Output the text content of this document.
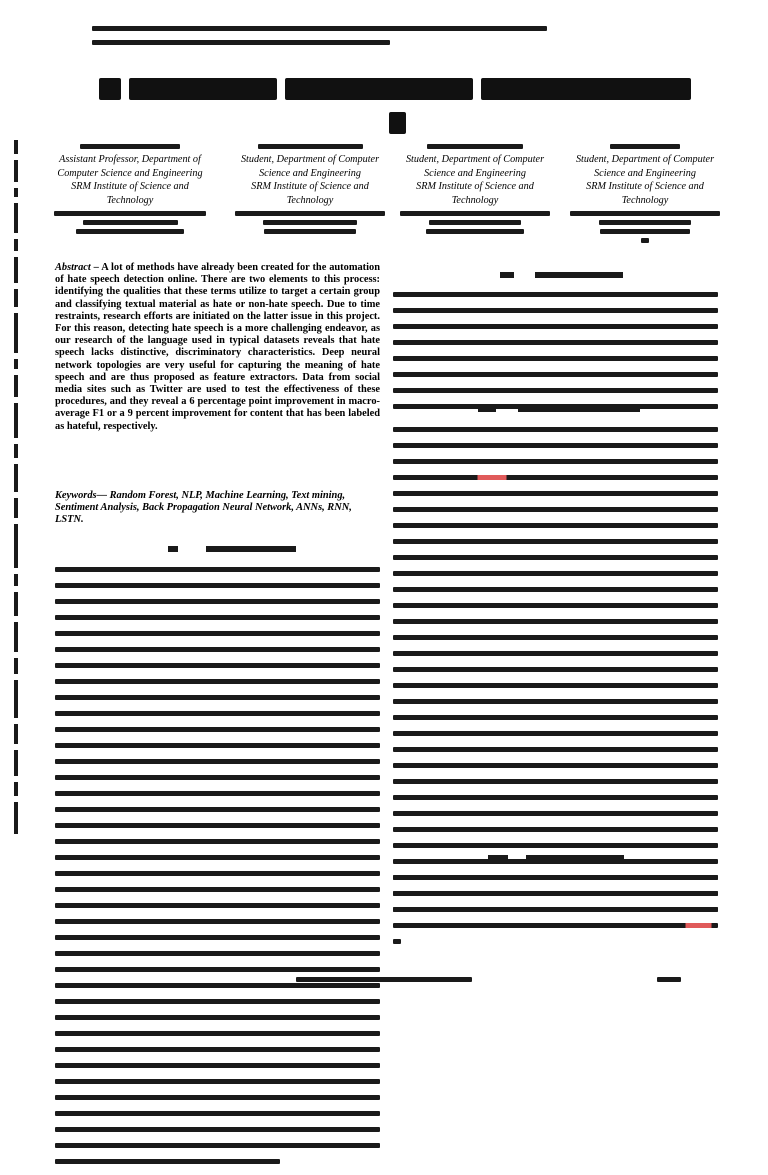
Assistant Professor, Department of
Computer Science and Engineering
SRM Institute of Science and
Technology
Student, Department of Computer
Science and Engineering
SRM Institute of Science and
Technology
Student, Department of Computer
Science and Engineering
SRM Institute of Science and
Technology
Student, Department of Computer
Science and Engineering
SRM Institute of Science and
Technology
Abstract – A lot of methods have already been created for the automation of hate speech detection online. There are two elements to this process: identifying the qualities that these terms utilize to target a certain group and classifying textual material as hate or non-hate speech. Due to time restraints, research efforts are initiated on the latter issue in this project. For this reason, detecting hate speech is a more challenging endeavor, as our research of the language used in typical datasets reveals that hate speech lacks distinctive, discriminatory characteristics. Deep neural network topologies are very useful for capturing the meaning of hate speech and are thus proposed as feature extractors. Data from social media sites such as Twitter are used to test the effectiveness of these procedures, and they reveal a 6 percentage point improvement in macro-average F1 or a 9 percent improvement for content that has been labeled as hateful, respectively.
Keywords— Random Forest, NLP, Machine Learning, Text mining, Sentiment Analysis, Back Propagation Neural Network, ANNs, RNN, LSTN.
